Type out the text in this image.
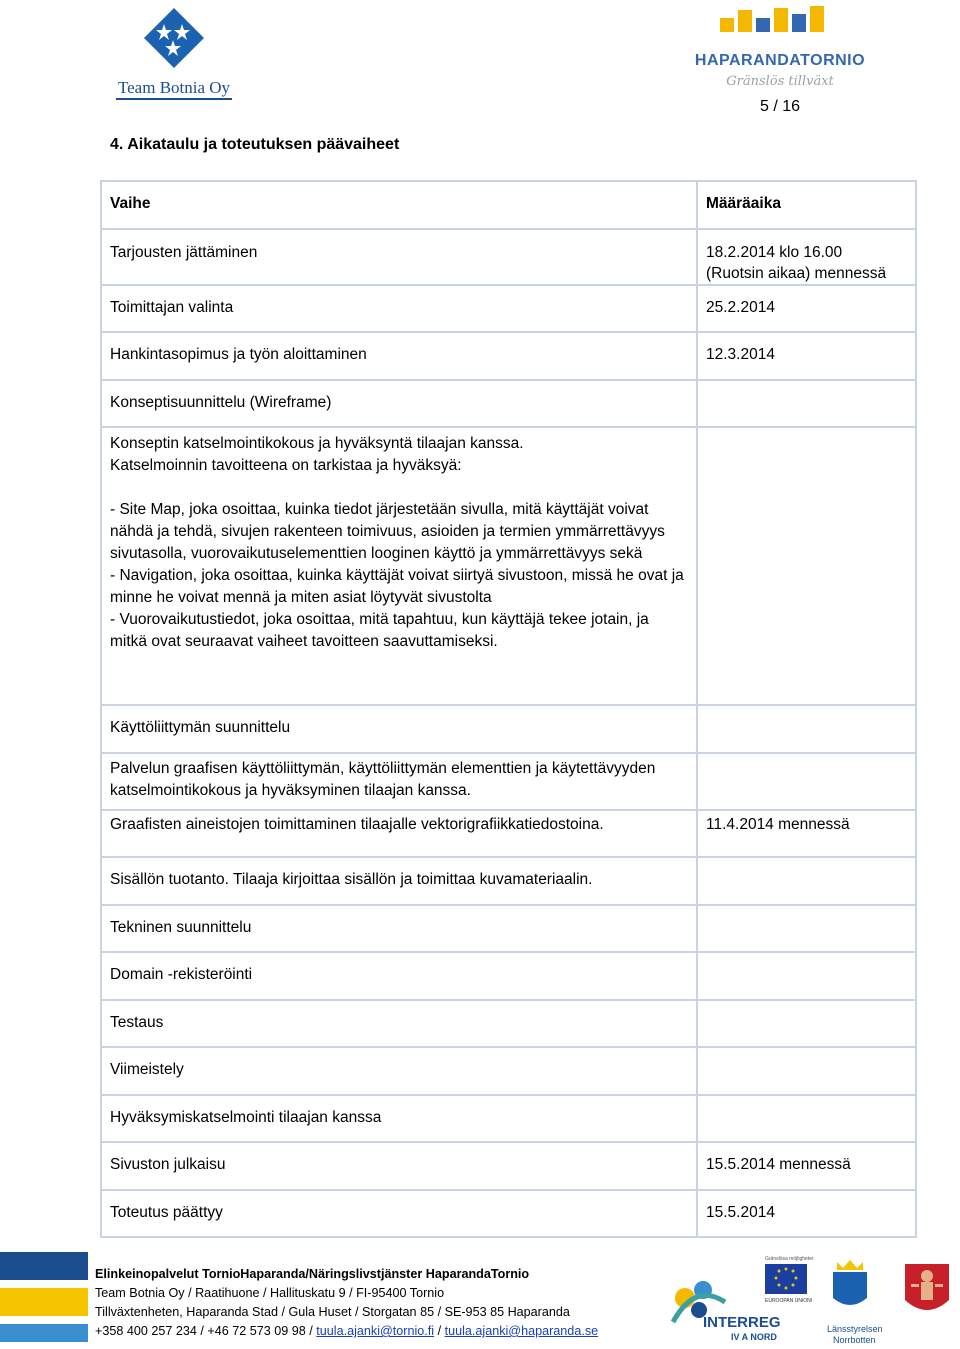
Team Botnia Oy
HAPARANDATORNIO
Gränslös tillväxt
5 / 16
4. Aikataulu ja toteutuksen päävaiheet
Vaihe	Määräaika
Tarjousten jättäminen	18.2.2014 klo 16.00
(Ruotsin aikaa) mennessä

Toimittajan valinta	25.2.2014
Hankintasopimus ja työn aloittaminen	12.3.2014
Konseptisuunnittelu (Wireframe)	

Konseptin katselmointikokous ja hyväksyntä tilaajan kanssa.
Katselmoinnin tavoitteena on tarkistaa ja hyväksyä:
- Site Map, joka osoittaa, kuinka tiedot järjestetään sivulla, mitä käyttäjät voivat nähdä ja tehdä, sivujen rakenteen toimivuus, asioiden ja termien ymmärrettävyys sivutasolla, vuorovaikutuselementtien looginen käyttö ja ymmärrettävyys sekä
- Navigation, joka osoittaa, kuinka käyttäjät voivat siirtyä sivustoon, missä he ovat ja minne he voivat mennä ja miten asiat löytyvät sivustolta
- Vuorovaikutustiedot, joka osoittaa, mitä tapahtuu, kun käyttäjä tekee jotain, ja mitkä ovat seuraavat vaiheet tavoitteen saavuttamiseksi.	

Käyttöliittymän suunnittelu	
Palvelun graafisen käyttöliittymän, käyttöliittymän elementtien ja käytettävyyden katselmointikokous ja hyväksyminen tilaajan kanssa.	
Graafisten aineistojen toimittaminen tilaajalle vektorigrafiikkatiedostoina.	11.4.2014 mennessä
Sisällön tuotanto. Tilaaja kirjoittaa sisällön ja toimittaa kuvamateriaalin.	
Tekninen suunnittelu	
Domain -rekisteröinti	
Testaus	
Viimeistely	
Hyväksymiskatselmointi tilaajan kanssa	
Sivuston julkaisu	15.5.2014 mennessä
Toteutus päättyy	15.5.2014
Elinkeinopalvelut TornioHaparanda/Näringslivstjänster HaparandaTornio
Team Botnia Oy / Raatihuone / Hallituskatu 9 / FI-95400 Tornio
Tillväxtenheten, Haparanda Stad / Gula Huset / Storgatan 85 / SE-953 85 Haparanda
+358 400 257 234 / +46 72 573 09 98 / tuula.ajanki@tornio.fi / tuula.ajanki@haparanda.se	INTERREG
IV A NORD
Gränslösa möjligheter
EUROOPAN UNIONI
Länsstyrelsen
Norrbotten
